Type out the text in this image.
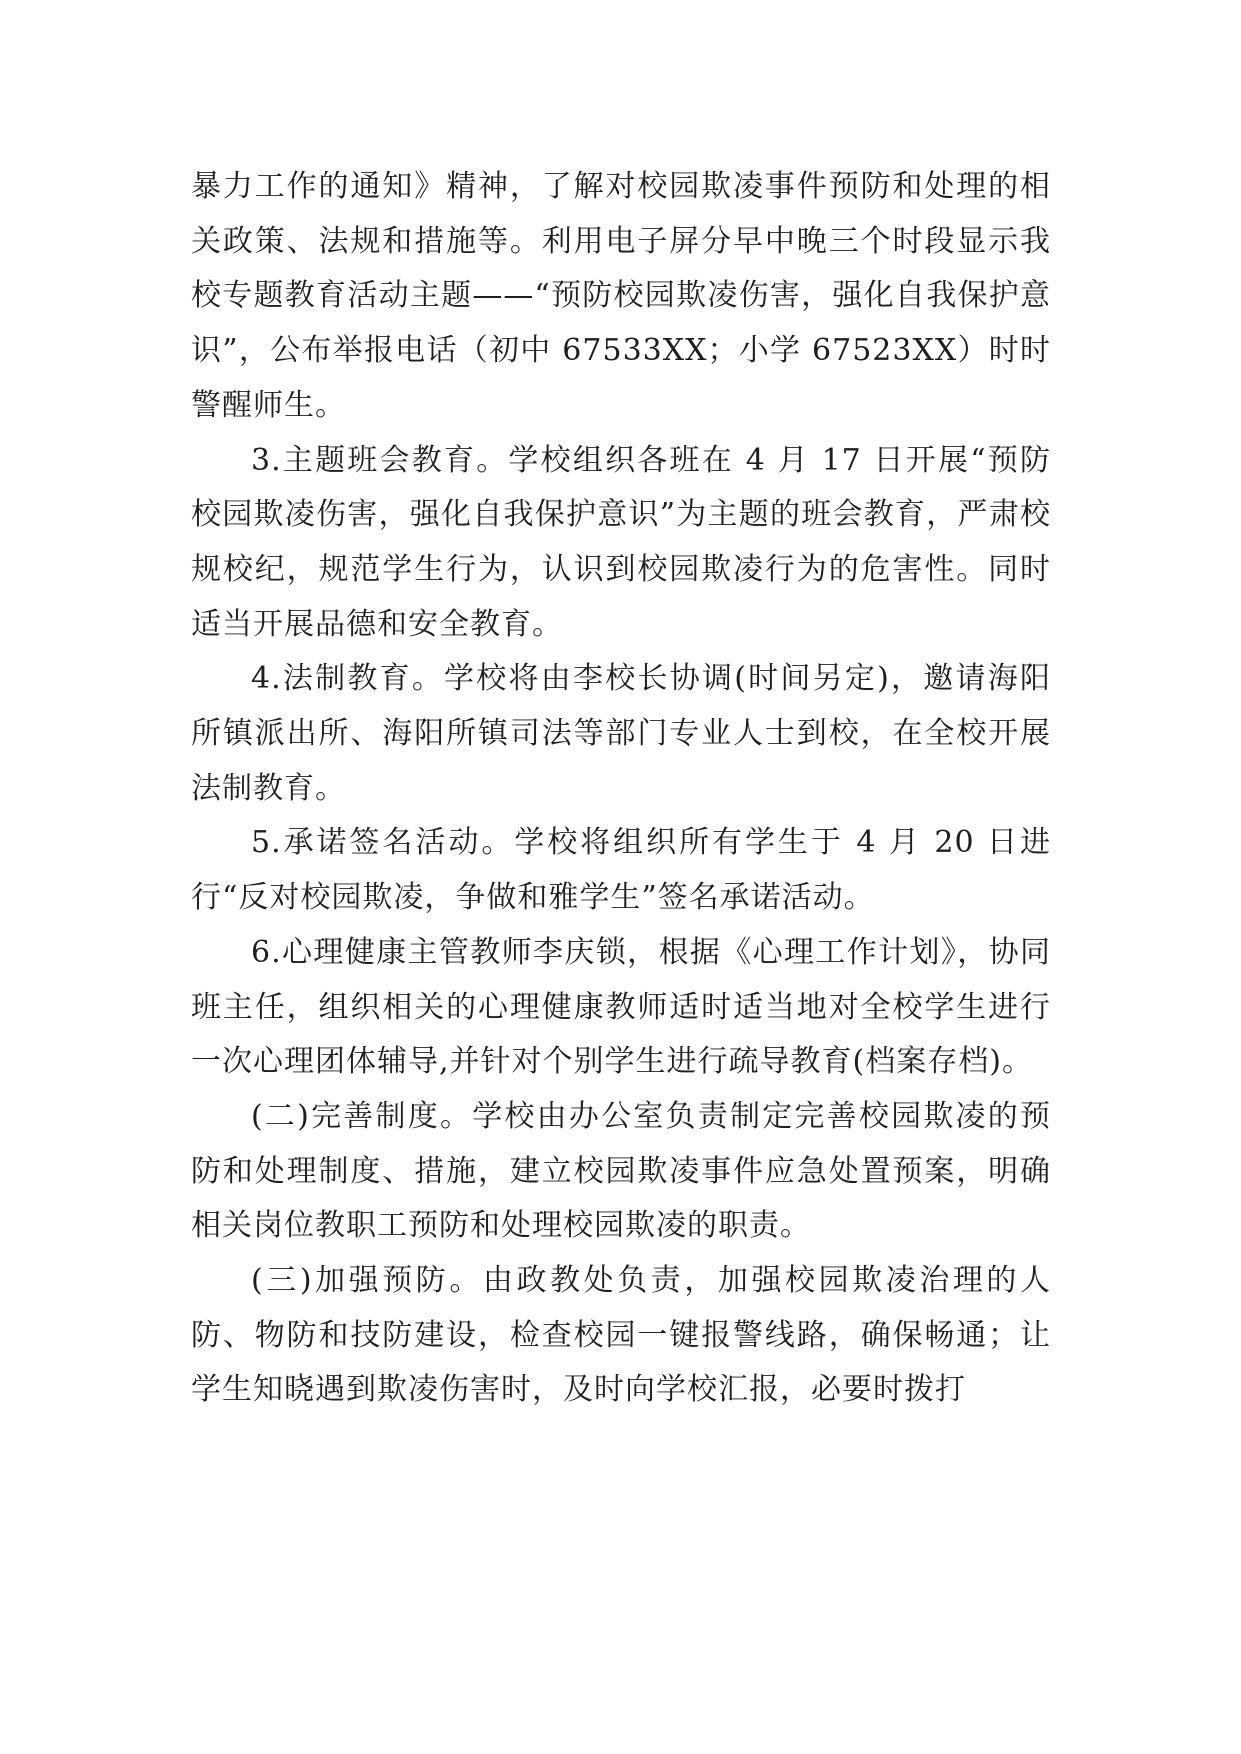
暴力工作的通知》精神，了解对校园欺凌事件预防和处理的相关政策、法规和措施等。利用电子屏分早中晚三个时段显示我校专题教育活动主题——“预防校园欺凌伤害，强化自我保护意识”，公布举报电话（初中 67533XX；小学 67523XX）时时警醒师生。

3.主题班会教育。学校组织各班在 4 月 17 日开展“预防校园欺凌伤害，强化自我保护意识”为主题的班会教育，严肃校规校纪，规范学生行为，认识到校园欺凌行为的危害性。同时适当开展品德和安全教育。

4.法制教育。学校将由李校长协调(时间另定)，邀请海阳所镇派出所、海阳所镇司法等部门专业人士到校，在全校开展法制教育。

5.承诺签名活动。学校将组织所有学生于 4 月 20 日进行“反对校园欺凌，争做和雅学生”签名承诺活动。

6.心理健康主管教师李庆锁，根据《心理工作计划》，协同班主任，组织相关的心理健康教师适时适当地对全校学生进行一次心理团体辅导,并针对个别学生进行疏导教育(档案存档)。

(二)完善制度。学校由办公室负责制定完善校园欺凌的预防和处理制度、措施，建立校园欺凌事件应急处置预案，明确相关岗位教职工预防和处理校园欺凌的职责。

(三)加强预防。由政教处负责，加强校园欺凌治理的人防、物防和技防建设，检查校园一键报警线路，确保畅通；让学生知晓遇到欺凌伤害时，及时向学校汇报，必要时拨打
